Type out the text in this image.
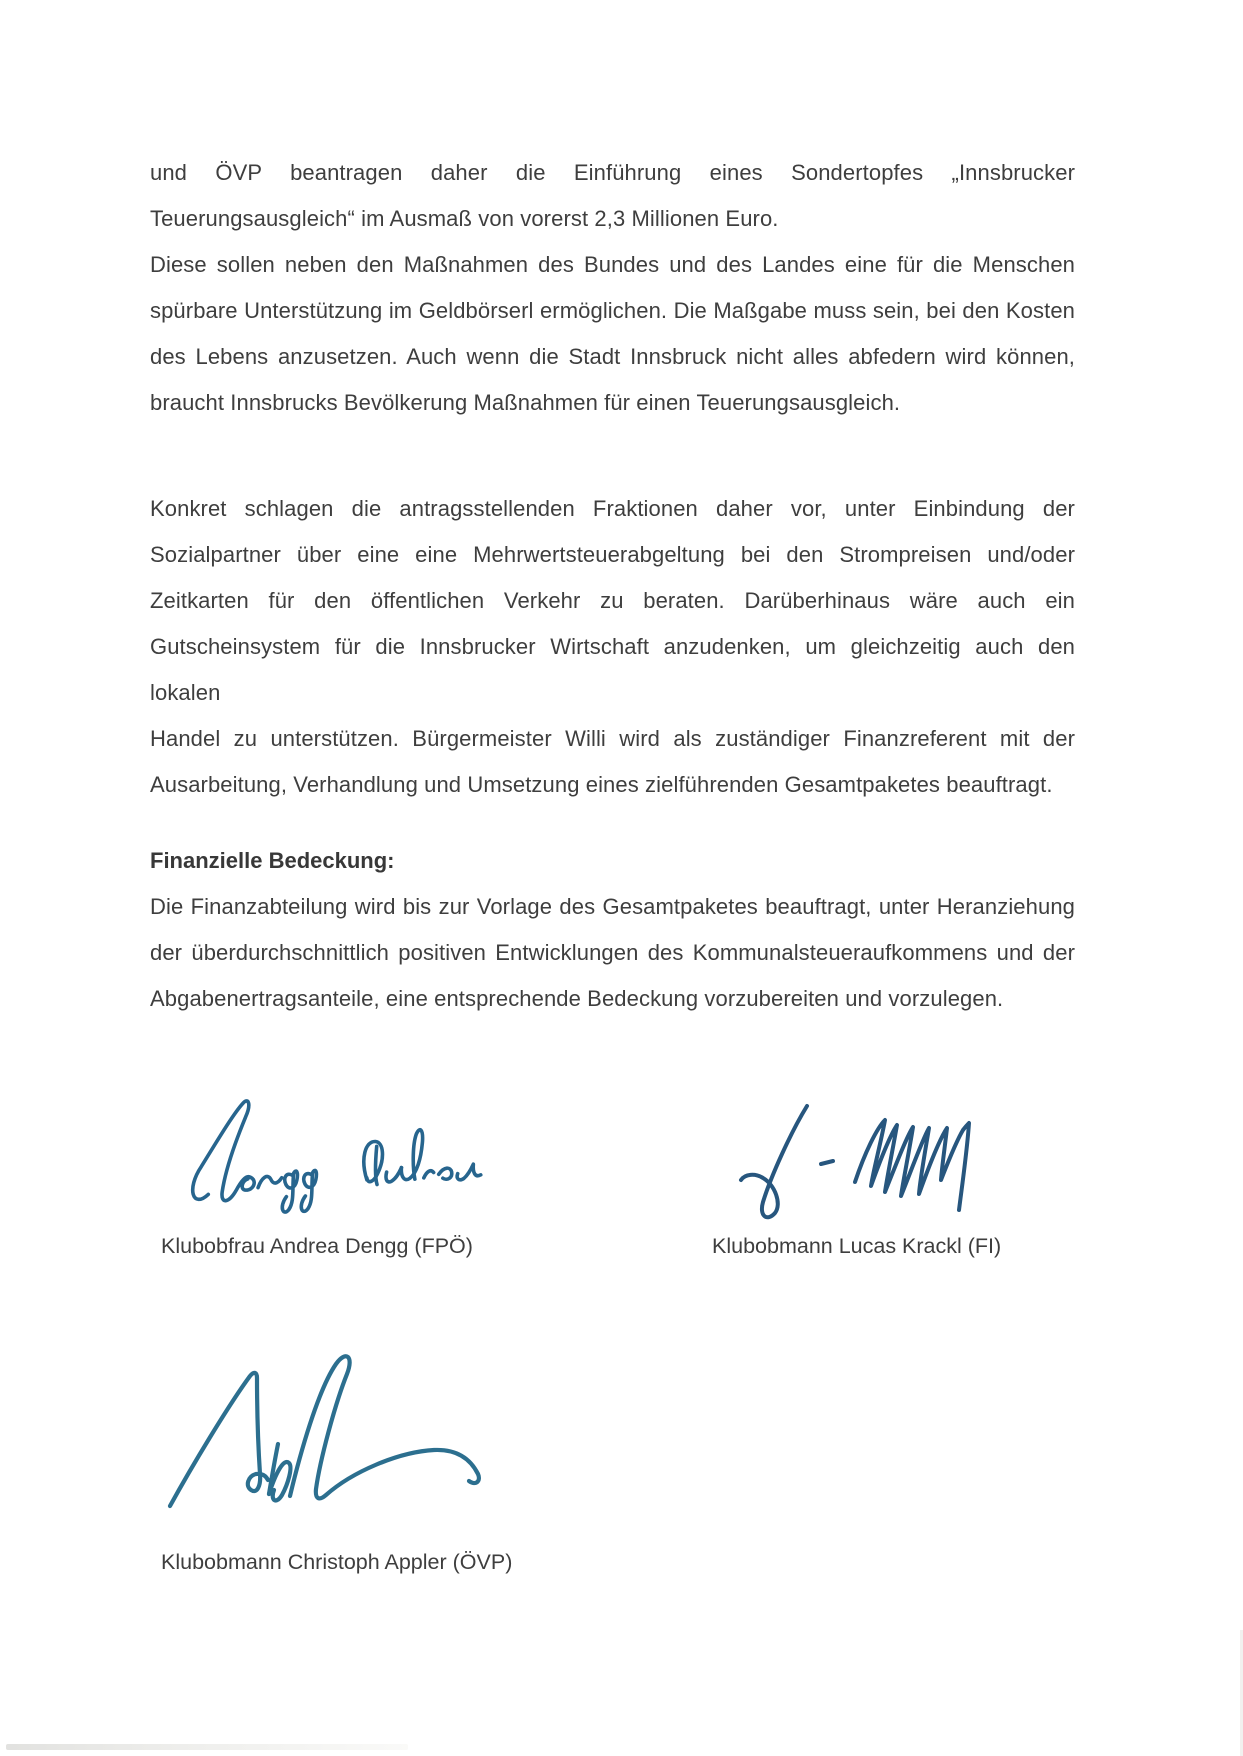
und ÖVP beantragen daher die Einführung eines Sondertopfes „Innsbrucker
Teuerungsausgleich“ im Ausmaß von vorerst 2,3 Millionen Euro.
Diese sollen neben den Maßnahmen des Bundes und des Landes eine für die Menschen
spürbare Unterstützung im Geldbörserl ermöglichen. Die Maßgabe muss sein, bei den Kosten
des Lebens anzusetzen. Auch wenn die Stadt Innsbruck nicht alles abfedern wird können,
braucht Innsbrucks Bevölkerung Maßnahmen für einen Teuerungsausgleich.
Konkret schlagen die antragsstellenden Fraktionen daher vor, unter Einbindung der
Sozialpartner über eine eine Mehrwertsteuerabgeltung bei den Strompreisen und/oder
Zeitkarten für den öffentlichen Verkehr zu beraten. Darüberhinaus wäre auch ein
Gutscheinsystem für die Innsbrucker Wirtschaft anzudenken, um gleichzeitig auch den lokalen
Handel zu unterstützen. Bürgermeister Willi wird als zuständiger Finanzreferent mit der
Ausarbeitung, Verhandlung und Umsetzung eines zielführenden Gesamtpaketes beauftragt.
Finanzielle Bedeckung:
Die Finanzabteilung wird bis zur Vorlage des Gesamtpaketes beauftragt, unter Heranziehung
der überdurchschnittlich positiven Entwicklungen des Kommunalsteueraufkommens und der
Abgabenertragsanteile, eine entsprechende Bedeckung vorzubereiten und vorzulegen.
Klubobfrau Andrea Dengg (FPÖ)	Klubobmann Lucas Krackl (FI)
Klubobmann Christoph Appler (ÖVP)
